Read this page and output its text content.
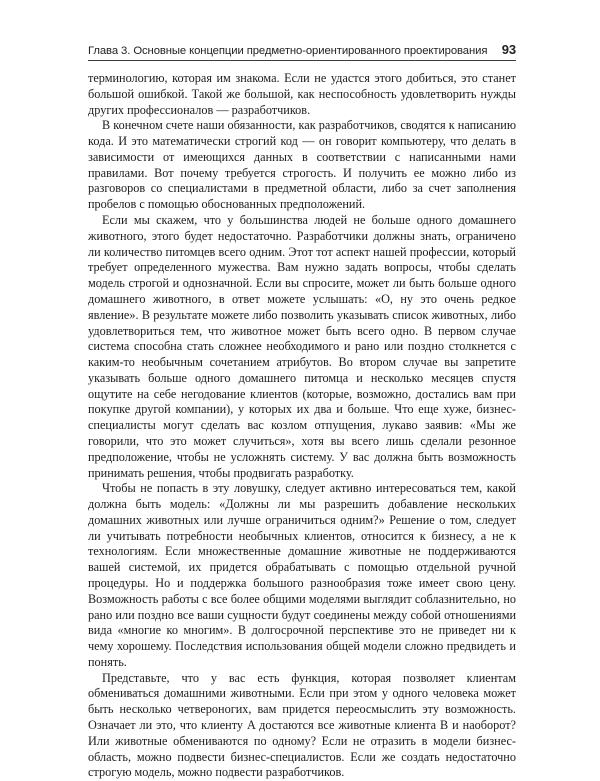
Глава 3. Основные концепции предметно-ориентированного проектирования 93

терминологию, которая им знакома. Если не удастся этого добиться, это станет большой ошибкой. Такой же большой, как неспособность удовлетворить нужды других профессионалов — разработчиков.

В конечном счете наши обязанности, как разработчиков, сводятся к написанию кода. И это математически строгий код — он говорит компьютеру, что делать в зависимости от имеющихся данных в соответствии с написанными нами правилами. Вот почему требуется строгость. И получить ее можно либо из разговоров со специалистами в предметной области, либо за счет заполнения пробелов с помощью обоснованных предположений.

Если мы скажем, что у большинства людей не больше одного домашнего животного, этого будет недостаточно. Разработчики должны знать, ограничено ли количество питомцев всего одним. Этот тот аспект нашей профессии, который требует определенного мужества. Вам нужно задать вопросы, чтобы сделать модель строгой и однозначной. Если вы спросите, может ли быть больше одного домашнего животного, в ответ можете услышать: «О, ну это очень редкое явление». В результате можете либо позволить указывать список животных, либо удовлетвориться тем, что животное может быть всего одно. В первом случае система способна стать сложнее необходимого и рано или поздно столкнется с каким-то необычным сочетанием атрибутов. Во втором случае вы запретите указывать больше одного домашнего питомца и несколько месяцев спустя ощутите на себе негодование клиентов (которые, возможно, достались вам при покупке другой компании), у которых их два и больше. Что еще хуже, бизнес-специалисты могут сделать вас козлом отпущения, лукаво заявив: «Мы же говорили, что это может случиться», хотя вы всего лишь сделали резонное предположение, чтобы не усложнять систему. У вас должна быть возможность принимать решения, чтобы продвигать разработку.

Чтобы не попасть в эту ловушку, следует активно интересоваться тем, какой должна быть модель: «Должны ли мы разрешить добавление нескольких домашних животных или лучше ограничиться одним?» Решение о том, следует ли учитывать потребности необычных клиентов, относится к бизнесу, а не к технологиям. Если множественные домашние животные не поддерживаются вашей системой, их придется обрабатывать с помощью отдельной ручной процедуры. Но и поддержка большого разнообразия тоже имеет свою цену. Возможность работы с все более общими моделями выглядит соблазнительно, но рано или поздно все ваши сущности будут соединены между собой отношениями вида «многие ко многим». В долгосрочной перспективе это не приведет ни к чему хорошему. Последствия использования общей модели сложно предвидеть и понять.

Представьте, что у вас есть функция, которая позволяет клиентам обмениваться домашними животными. Если при этом у одного человека может быть несколько четвероногих, вам придется переосмыслить эту возможность. Означает ли это, что клиенту A достаются все животные клиента B и наоборот? Или животные обмениваются по одному? Если не отразить в модели бизнес-область, можно подвести бизнес-специалистов. Если же создать недостаточно строгую модель, можно подвести разработчиков.
